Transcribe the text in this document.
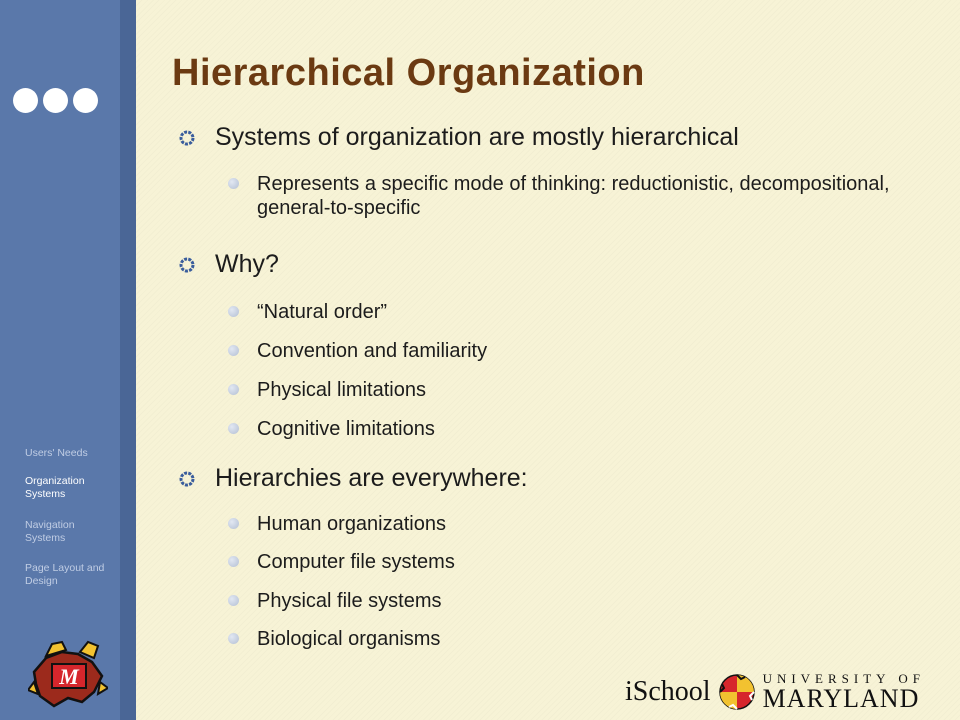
Users' Needs
Organization Systems
Navigation Systems
Page Layout and Design
M
Hierarchical Organization
Systems of organization are mostly hierarchical
Represents a specific mode of thinking: reductionistic, decompositional, general-to-specific
Why?
“Natural order”
Convention and familiarity
Physical limitations
Cognitive limitations
Hierarchies are everywhere:
Human organizations
Computer file systems
Physical file systems
Biological organisms
iSchool	UNIVERSITY OF
MARYLAND
